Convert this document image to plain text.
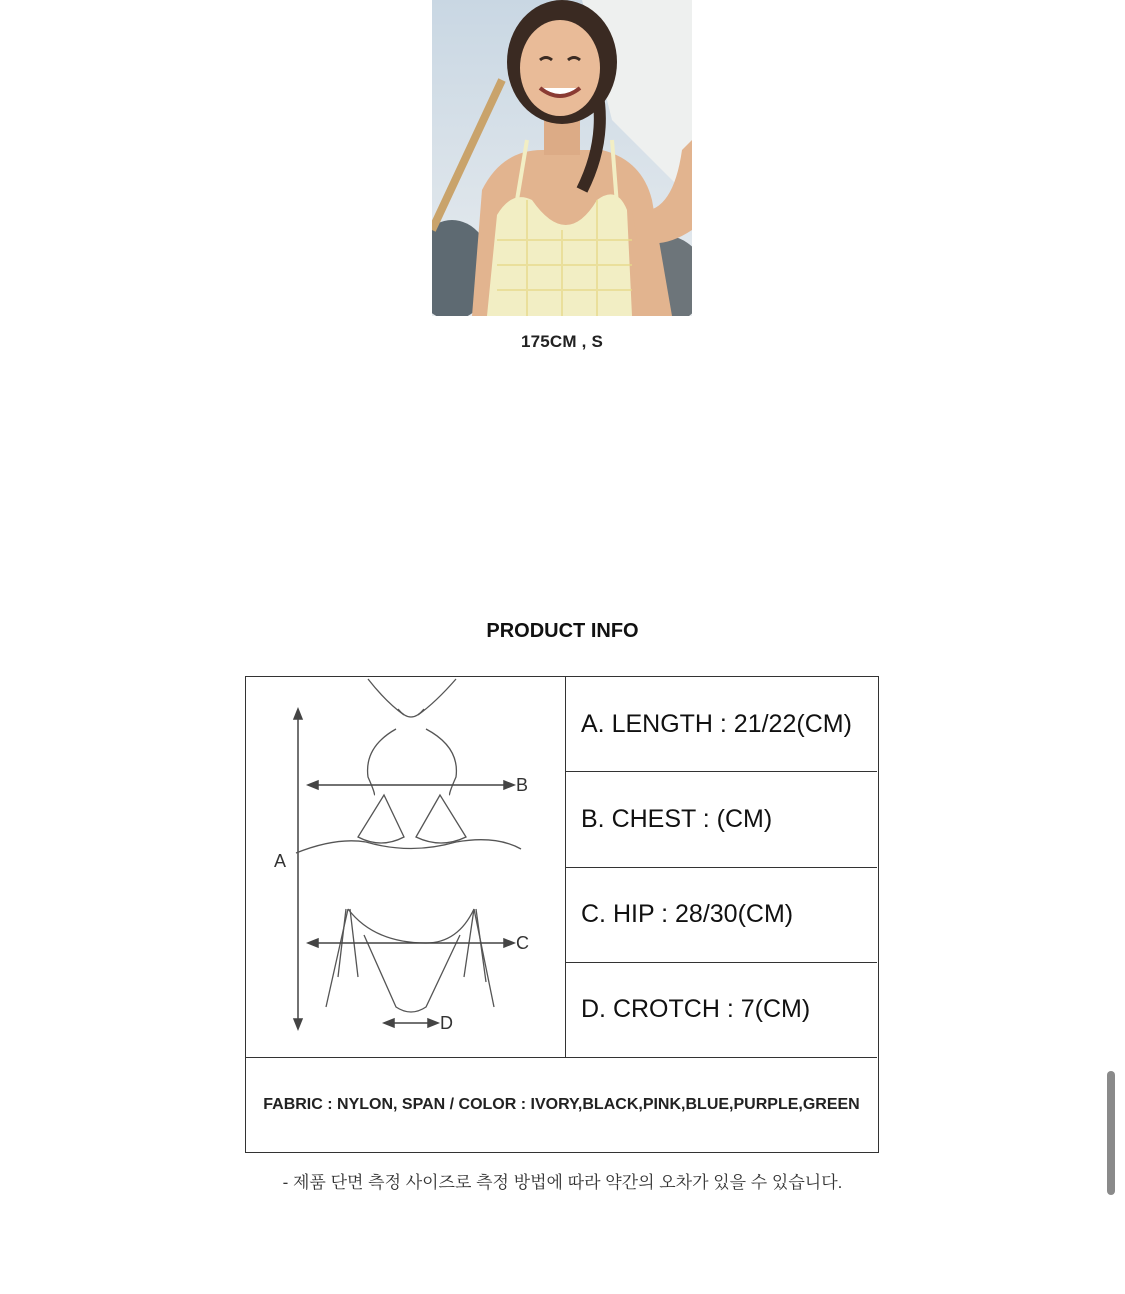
175CM , S
PRODUCT INFO
A
B
C
D
A. LENGTH : 21/22(CM)
B. CHEST : (CM)
C. HIP : 28/30(CM)
D. CROTCH : 7(CM)
FABRIC : NYLON, SPAN / COLOR : IVORY,BLACK,PINK,BLUE,PURPLE,GREEN
- 제품 단면 측정 사이즈로 측정 방법에 따라 약간의 오차가 있을 수 있습니다.
